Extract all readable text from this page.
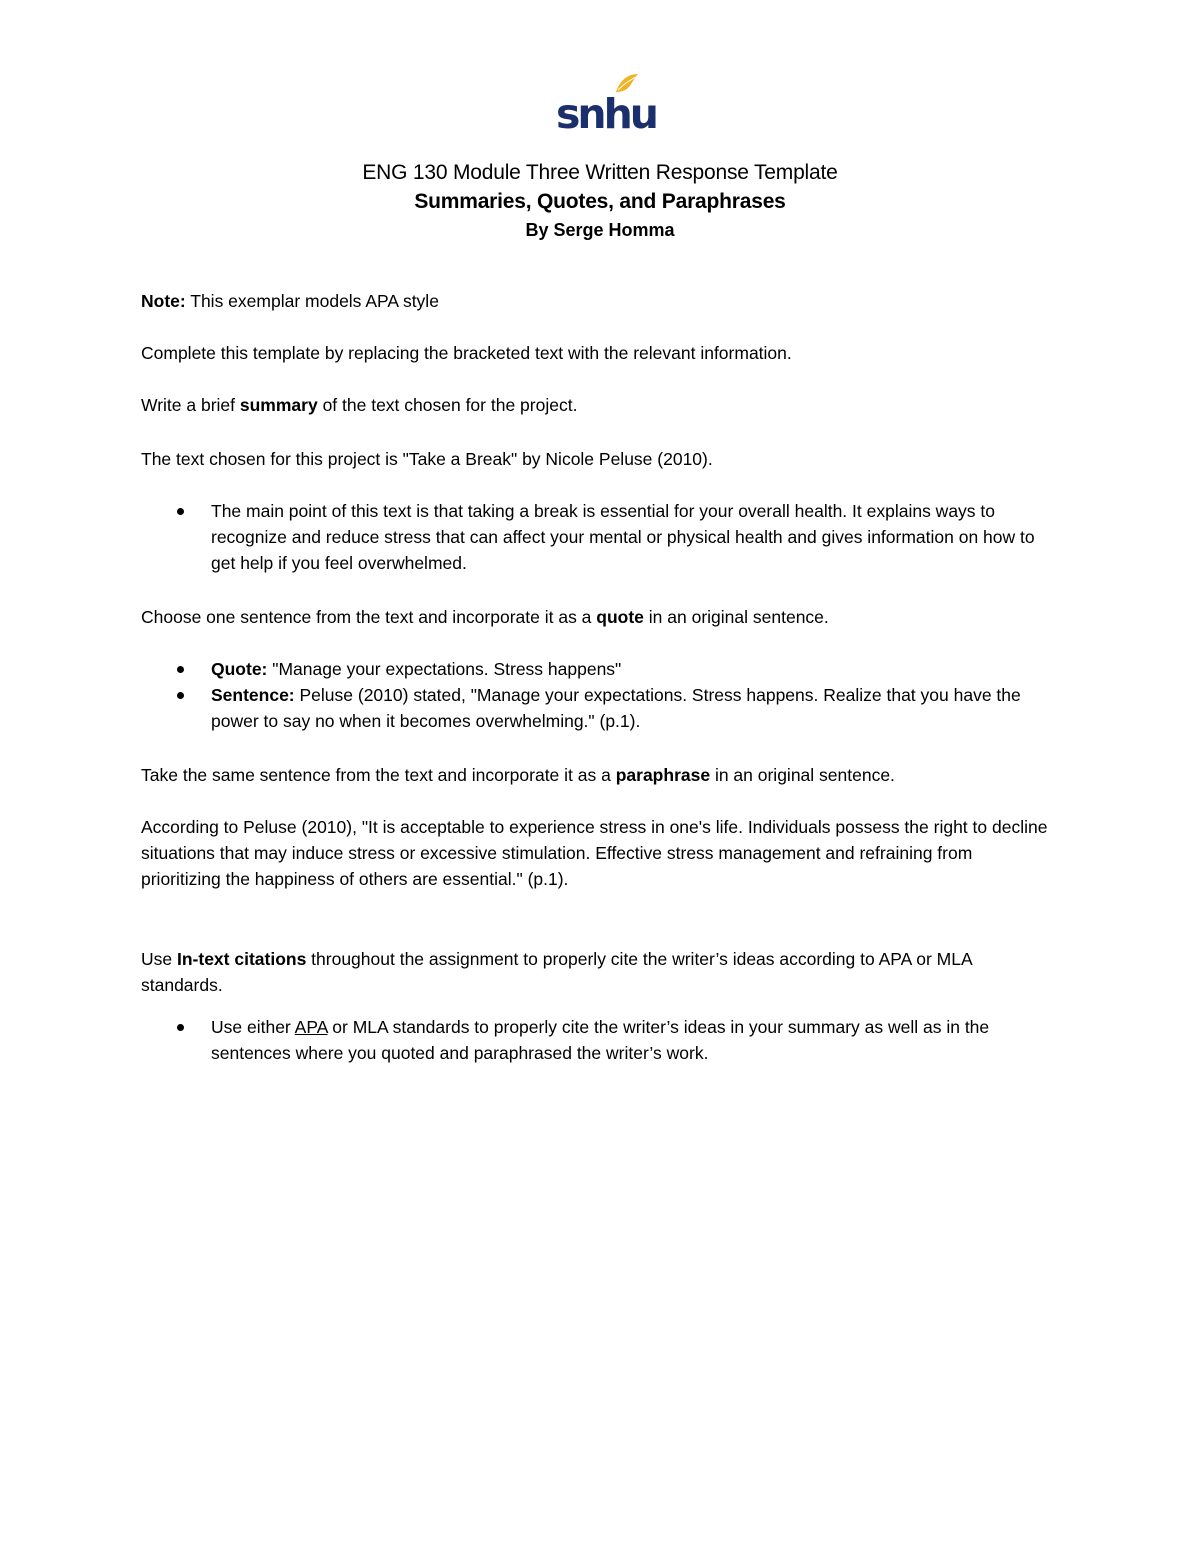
snhu
ENG 130 Module Three Written Response Template
Summaries, Quotes, and Paraphrases
By Serge Homma

Note: This exemplar models APA style

Complete this template by replacing the bracketed text with the relevant information.

Write a brief summary of the text chosen for the project.

The text chosen for this project is "Take a Break" by Nicole Peluse (2010).

The main point of this text is that taking a break is essential for your overall health. It explains ways to recognize and reduce stress that can affect your mental or physical health and gives information on how to get help if you feel overwhelmed.

Choose one sentence from the text and incorporate it as a quote in an original sentence.

Quote: "Manage your expectations. Stress happens"
Sentence: Peluse (2010) stated, "Manage your expectations. Stress happens. Realize that you have the power to say no when it becomes overwhelming." (p.1).

Take the same sentence from the text and incorporate it as a paraphrase in an original sentence.

According to Peluse (2010), "It is acceptable to experience stress in one's life. Individuals possess the right to decline situations that may induce stress or excessive stimulation. Effective stress management and refraining from prioritizing the happiness of others are essential." (p.1).

Use In-text citations throughout the assignment to properly cite the writer’s ideas according to APA or MLA standards.

Use either APA or MLA standards to properly cite the writer’s ideas in your summary as well as in the sentences where you quoted and paraphrased the writer’s work.
